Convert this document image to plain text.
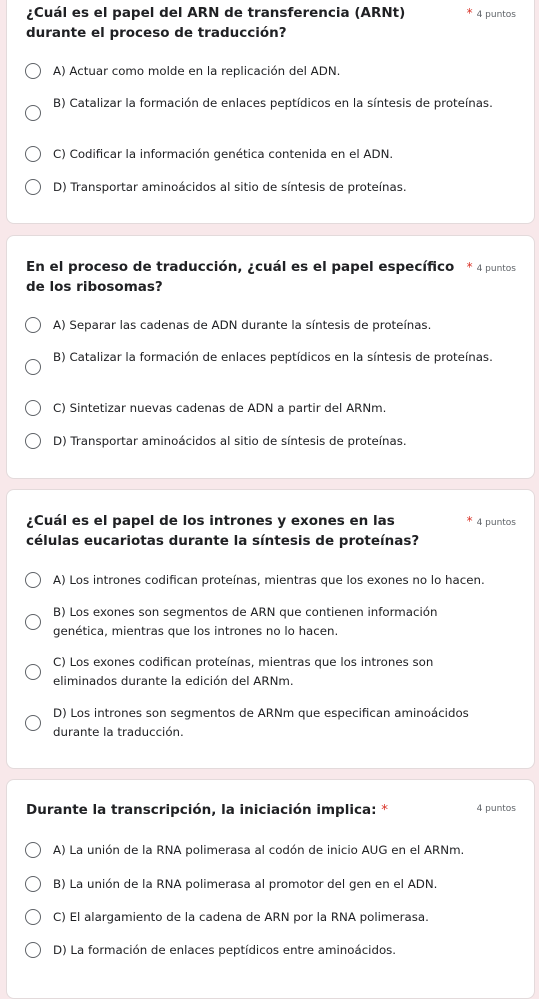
¿Cuál es el papel del ARN de transferencia (ARNt) durante el proceso de traducción?
* 4 puntos
A) Actuar como molde en la replicación del ADN.
B) Catalizar la formación de enlaces peptídicos en la síntesis de proteínas.
C) Codificar la información genética contenida en el ADN.
D) Transportar aminoácidos al sitio de síntesis de proteínas.
En el proceso de traducción, ¿cuál es el papel específico de los ribosomas?
* 4 puntos
A) Separar las cadenas de ADN durante la síntesis de proteínas.
B) Catalizar la formación de enlaces peptídicos en la síntesis de proteínas.
C) Sintetizar nuevas cadenas de ADN a partir del ARNm.
D) Transportar aminoácidos al sitio de síntesis de proteínas.
¿Cuál es el papel de los intrones y exones en las células eucariotas durante la síntesis de proteínas?
* 4 puntos
A) Los intrones codifican proteínas, mientras que los exones no lo hacen.
B) Los exones son segmentos de ARN que contienen información genética, mientras que los intrones no lo hacen.
C) Los exones codifican proteínas, mientras que los intrones son eliminados durante la edición del ARNm.
D) Los intrones son segmentos de ARNm que especifican aminoácidos durante la traducción.
Durante la transcripción, la iniciación implica: *	4 puntos
A) La unión de la RNA polimerasa al codón de inicio AUG en el ARNm.
B) La unión de la RNA polimerasa al promotor del gen en el ADN.
C) El alargamiento de la cadena de ARN por la RNA polimerasa.
D) La formación de enlaces peptídicos entre aminoácidos.
